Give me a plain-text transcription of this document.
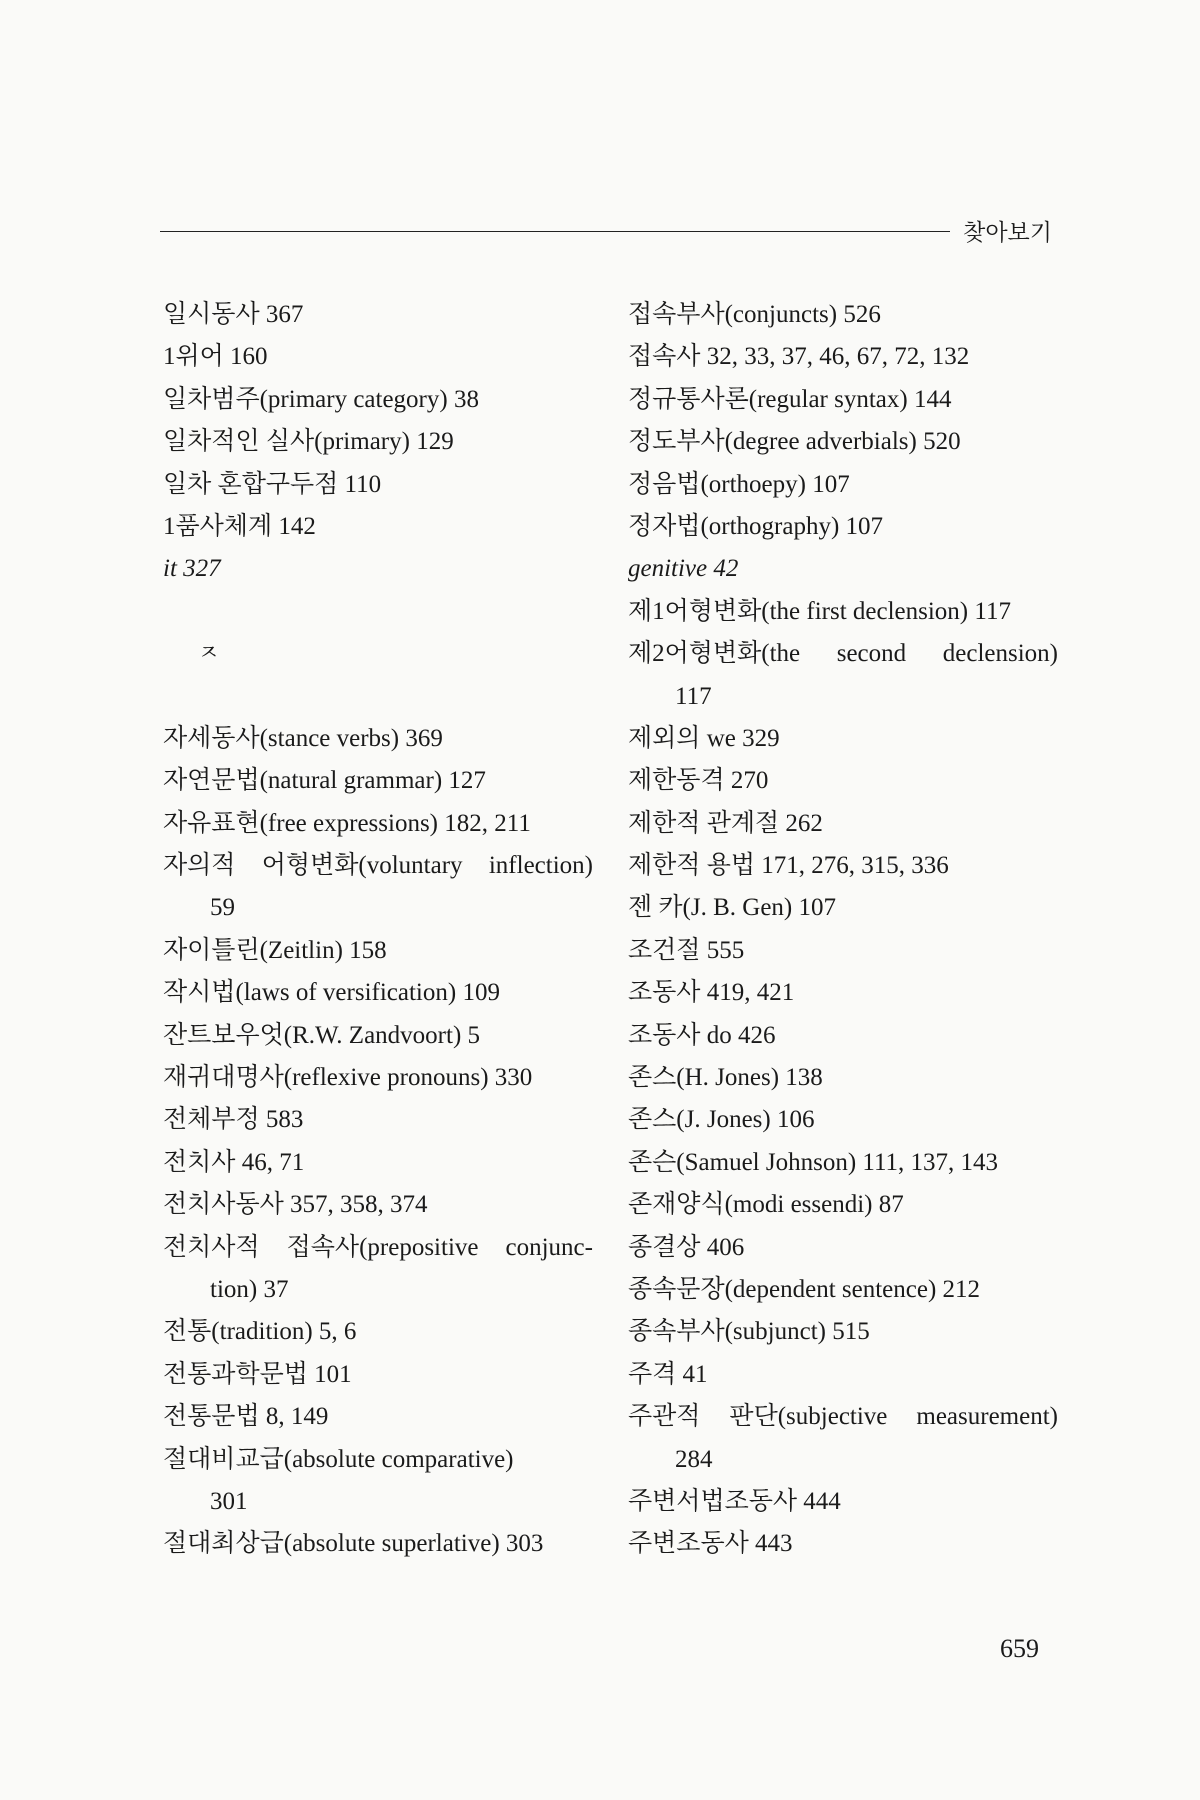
찾아보기
일시동사 367
1위어 160
일차범주(primary category) 38
일차적인 실사(primary) 129
일차 혼합구두점 110
1품사체계 142
it 327
ㅈ
자세동사(stance verbs) 369
자연문법(natural grammar) 127
자유표현(free expressions) 182, 211
자의적 어형변화(voluntary inflection)
59
자이틀린(Zeitlin) 158
작시법(laws of versification) 109
잔트보우엇(R.W. Zandvoort) 5
재귀대명사(reflexive pronouns) 330
전체부정 583
전치사 46, 71
전치사동사 357, 358, 374
전치사적 접속사(prepositive conjunc-
tion) 37
전통(tradition) 5, 6
전통과학문법 101
전통문법 8, 149
절대비교급(absolute comparative)
301
절대최상급(absolute superlative) 303
접속부사(conjuncts) 526
접속사 32, 33, 37, 46, 67, 72, 132
정규통사론(regular syntax) 144
정도부사(degree adverbials) 520
정음법(orthoepy) 107
정자법(orthography) 107
genitive 42
제1어형변화(the first declension) 117
제2어형변화(the second declension)
117
제외의 we 329
제한동격 270
제한적 관계절 262
제한적 용법 171, 276, 315, 336
젠 카(J. B. Gen) 107
조건절 555
조동사 419, 421
조동사 do 426
존스(H. Jones) 138
존스(J. Jones) 106
존슨(Samuel Johnson) 111, 137, 143
존재양식(modi essendi) 87
종결상 406
종속문장(dependent sentence) 212
종속부사(subjunct) 515
주격 41
주관적 판단(subjective measurement)
284
주변서법조동사 444
주변조동사 443
659
